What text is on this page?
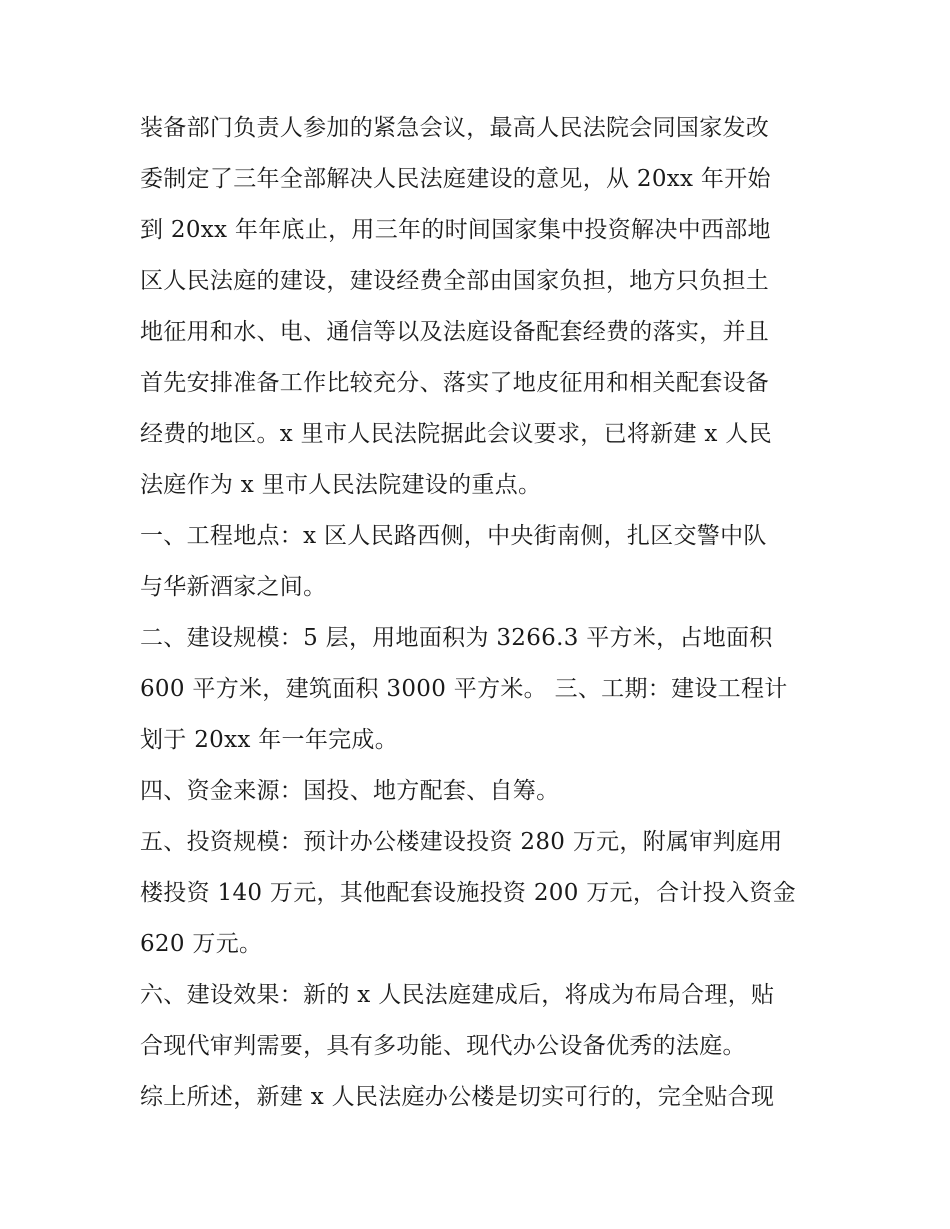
装备部门负责人参加的紧急会议，最高人民法院会同国家发改
委制定了三年全部解决人民法庭建设的意见，从 20xx 年开始
到 20xx 年年底止，用三年的时间国家集中投资解决中西部地
区人民法庭的建设，建设经费全部由国家负担，地方只负担土
地征用和水、电、通信等以及法庭设备配套经费的落实，并且
首先安排准备工作比较充分、落实了地皮征用和相关配套设备
经费的地区。x 里市人民法院据此会议要求，已将新建 x 人民
法庭作为 x 里市人民法院建设的重点。
一、工程地点：x 区人民路西侧，中央街南侧，扎区交警中队
与华新酒家之间。
二、建设规模：5 层，用地面积为 3266.3 平方米，占地面积
600 平方米，建筑面积 3000 平方米。 三、工期：建设工程计
划于 20xx 年一年完成。
四、资金来源：国投、地方配套、自筹。
五、投资规模：预计办公楼建设投资 280 万元，附属审判庭用
楼投资 140 万元，其他配套设施投资 200 万元，合计投入资金
620 万元。
六、建设效果：新的 x 人民法庭建成后，将成为布局合理，贴
合现代审判需要，具有多功能、现代办公设备优秀的法庭。
综上所述，新建 x 人民法庭办公楼是切实可行的，完全贴合现
